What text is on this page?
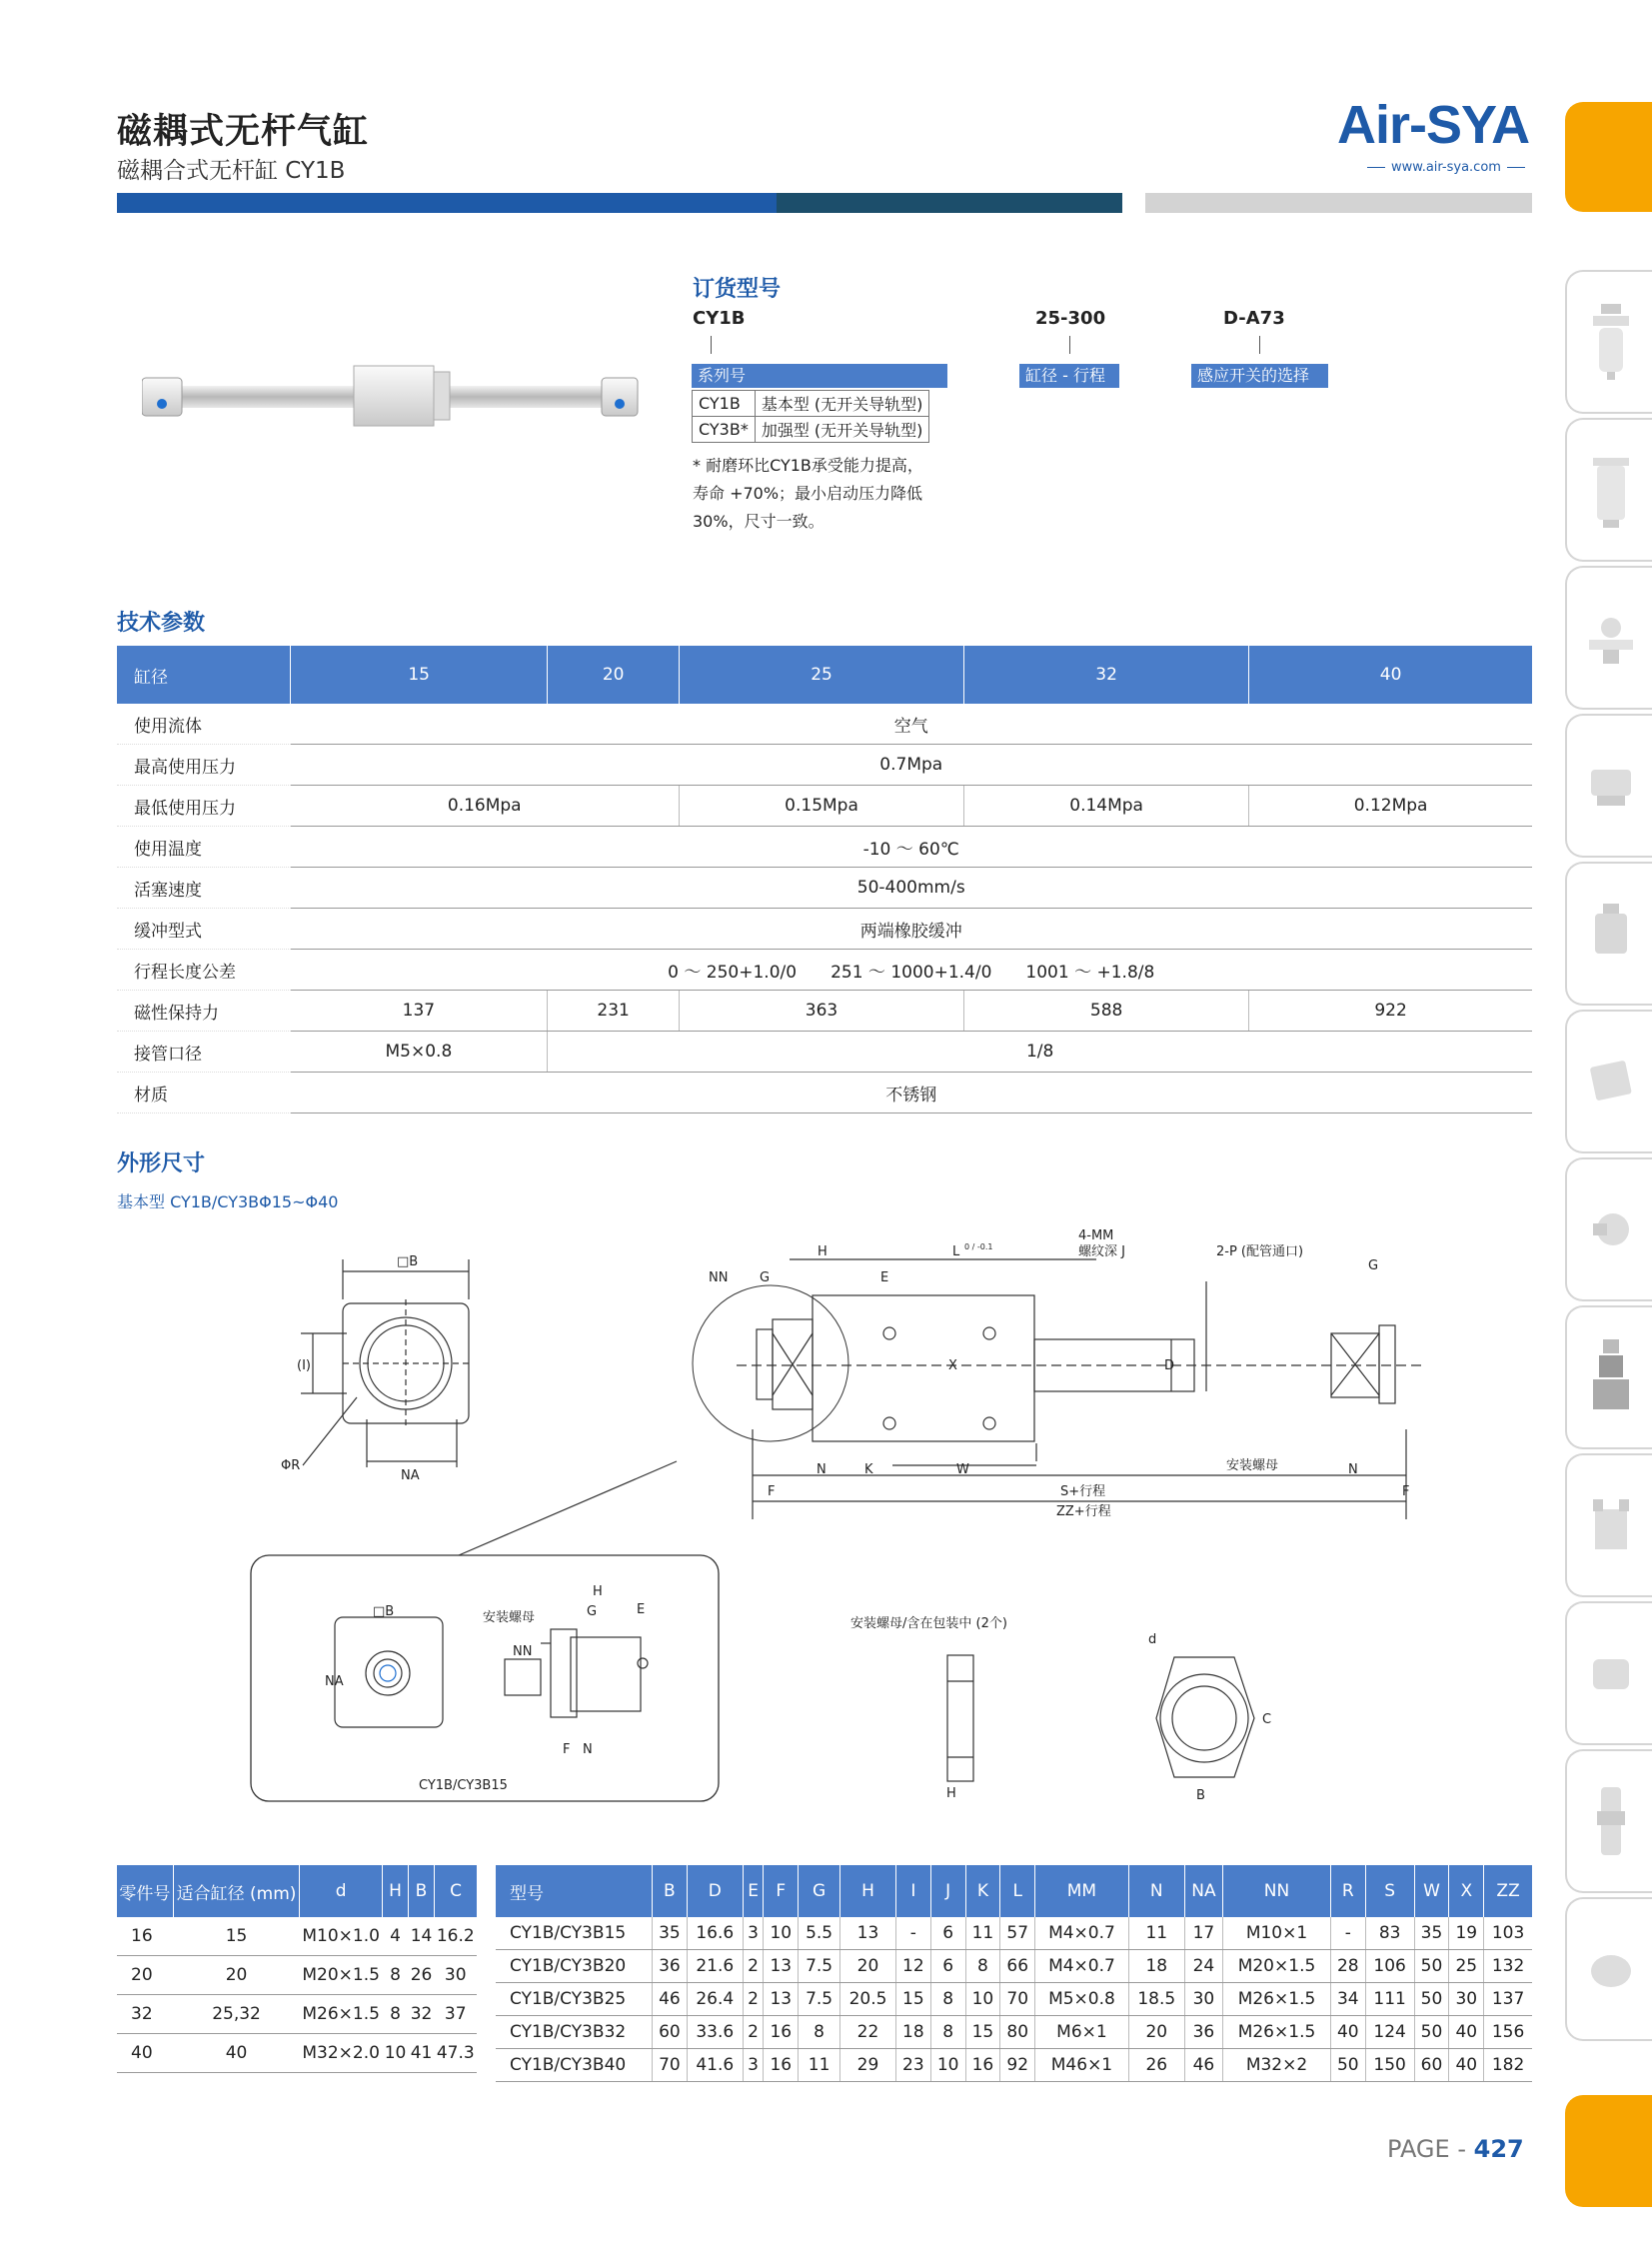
磁耦式无杆气缸
磁耦合式无杆缸 CY1B
Air-SYA
www.air-sya.com
订货型号
CY1B	25-300	D-A73
系列号	缸径 - 行程	感应开关的选择
CY1B	基本型 (无开关导轨型)
CY3B*	加强型 (无开关导轨型)
* 耐磨环比CY1B承受能力提高，
寿命 +70%；最小启动压力降低
30%，尺寸一致。
技术参数
缸径	15	20	25	32	40
使用流体	空气				
最高使用压力	0.7Mpa				
最低使用压力	0.16Mpa		0.15Mpa	0.14Mpa	0.12Mpa
使用温度	-10 ～ 60℃				
活塞速度	50-400mm/s				
缓冲型式	两端橡胶缓冲				
行程长度公差	0 ～ 250+1.0/0　　251 ～ 1000+1.4/0　　1001 ～ +1.8/8				
磁性保持力	137	231	363	588	922
接管口径	M5×0.8	1/8			
材质	不锈钢				
外形尺寸
基本型 CY1B/CY3BΦ15~Φ40
□B
(I)
ΦR
NA
NN G
H
E
L 0 / -0.1
4-MM
螺纹深 J	2-P (配管通口)
G
X	D
N	K	W	N
F	F
S+行程
ZZ+行程
安装螺母
□B
NA
安装螺母
NN
G
H
E
F N
CY1B/CY3B15
安装螺母/含在包装中 (2个)
d
C
B
H
零件号	适合缸径 (mm)	d	H	B	C
16	15	M10×1.0	4	14	16.2
20	20	M20×1.5	8	26	30
32	25,32	M26×1.5	8	32	37
40	40	M32×2.0	10	41	47.3
型号	B	D	E	F	G	H	I	J	K	L	MM	N	NA	NN	R	S	W	X	ZZ
CY1B/CY3B15	35	16.6	3	10	5.5	13	-	6	11	57	M4×0.7	11	17	M10×1	-	83	35	19	103
CY1B/CY3B20	36	21.6	2	13	7.5	20	12	6	8	66	M4×0.7	18	24	M20×1.5	28	106	50	25	132
CY1B/CY3B25	46	26.4	2	13	7.5	20.5	15	8	10	70	M5×0.8	18.5	30	M26×1.5	34	111	50	30	137
CY1B/CY3B32	60	33.6	2	16	8	22	18	8	15	80	M6×1	20	36	M26×1.5	40	124	50	40	156
CY1B/CY3B40	70	41.6	3	16	11	29	23	10	16	92	M46×1	26	46	M32×2	50	150	60	40	182
PAGE - 427
